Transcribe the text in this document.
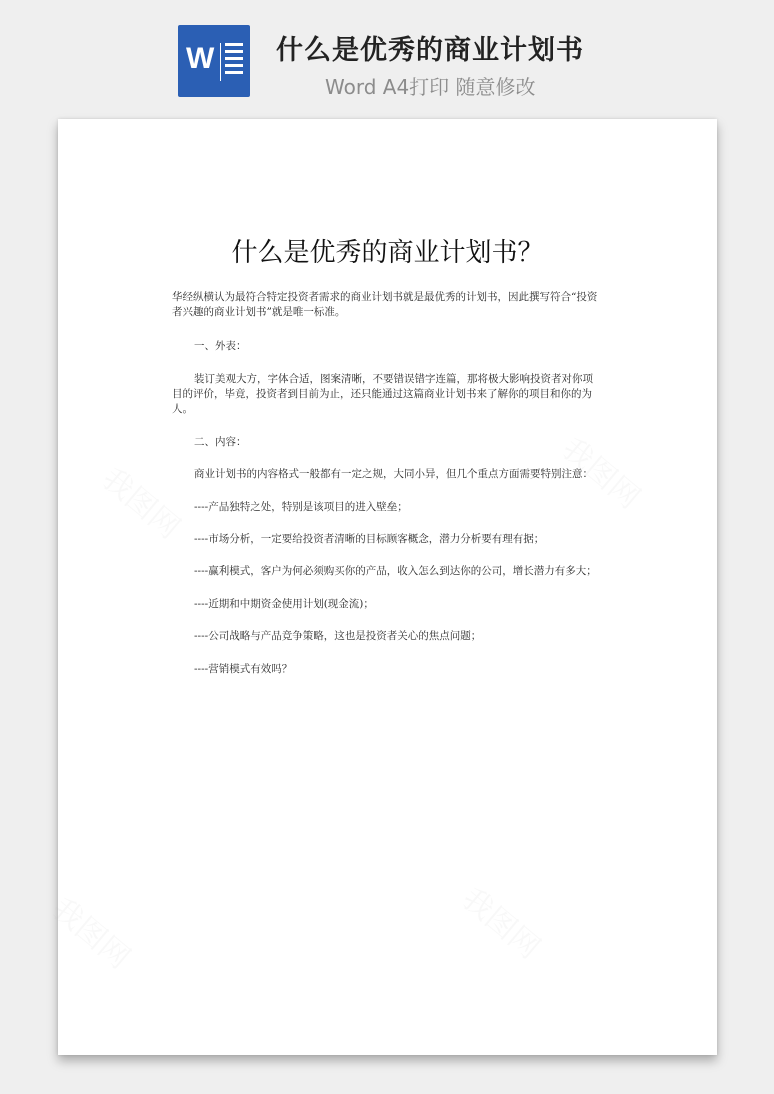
W 什么是优秀的商业计划书
Word A4打印 随意修改
我图网	我图网
我图网	我图网
什么是优秀的商业计划书？

华经纵横认为最符合特定投资者需求的商业计划书就是最优秀的计划书，因此撰写符合“投资者兴趣的商业计划书”就是唯一标准。

一、外表：

装订美观大方，字体合适，图案清晰，不要错误错字连篇，那将极大影响投资者对你项目的评价，毕竟，投资者到目前为止，还只能通过这篇商业计划书来了解你的项目和你的为人。

二、内容：

商业计划书的内容格式一般都有一定之规，大同小异，但几个重点方面需要特别注意：

----产品独特之处，特别是该项目的进入壁垒；

----市场分析，一定要给投资者清晰的目标顾客概念，潜力分析要有理有据；

----赢利模式，客户为何必须购买你的产品，收入怎么到达你的公司，增长潜力有多大；

----近期和中期资金使用计划(现金流)；

----公司战略与产品竞争策略，这也是投资者关心的焦点问题；

----营销模式有效吗？
